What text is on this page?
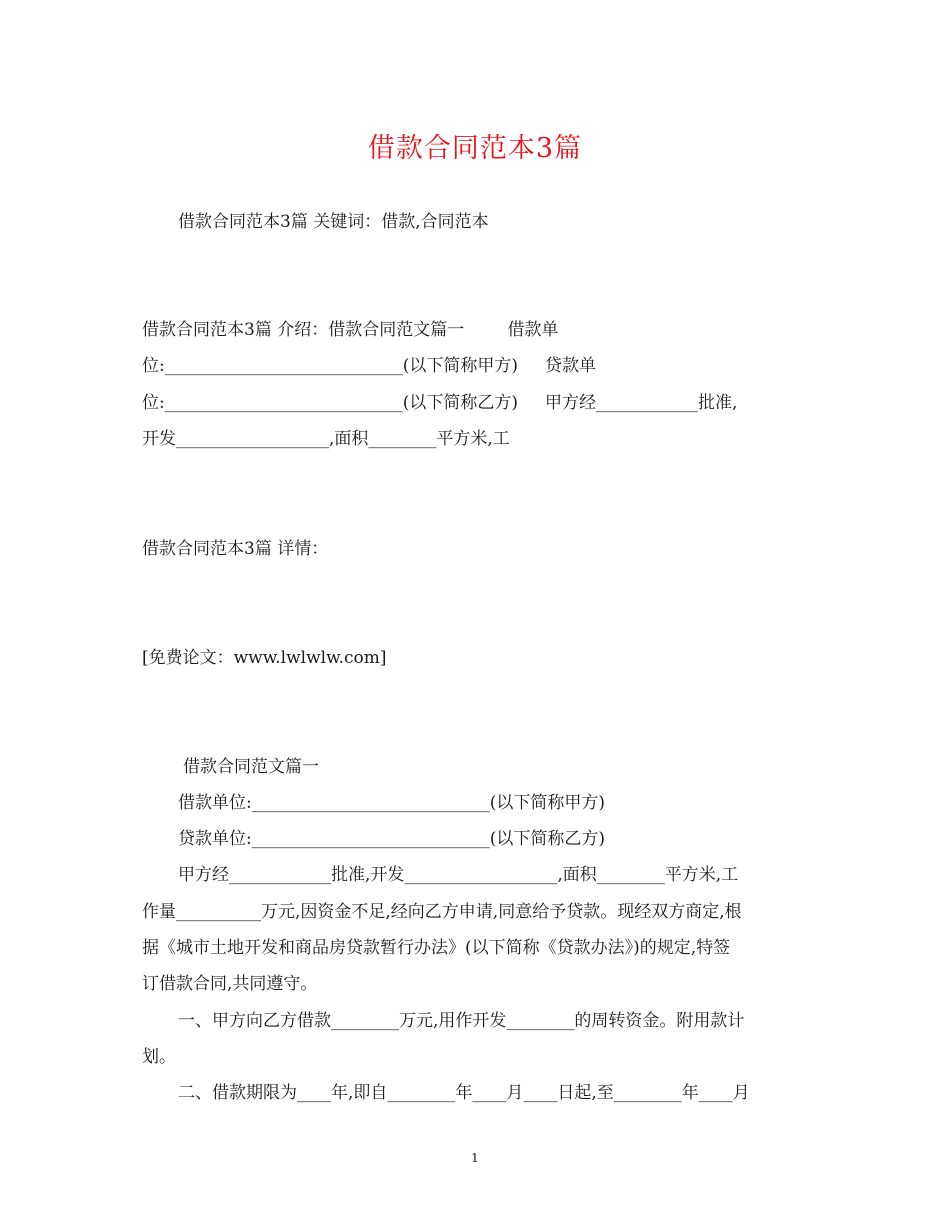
借款合同范本3篇
借款合同范本3篇 关键词：借款,合同范本
借款合同范本3篇 介绍：借款合同范文篇一        借款单
位:____________________________(以下简称甲方)     贷款单
位:____________________________(以下简称乙方)     甲方经____________批准,
开发__________________,面积________平方米,工
借款合同范本3篇 详情：
[免费论文：www.lwlwlw.com]
借款合同范文篇一
借款单位:____________________________(以下简称甲方)
贷款单位:____________________________(以下简称乙方)
甲方经____________批准,开发__________________,面积________平方米,工
作量__________万元,因资金不足,经向乙方申请,同意给予贷款。现经双方商定,根
据《城市土地开发和商品房贷款暂行办法》(以下简称《贷款办法》)的规定,特签
订借款合同,共同遵守。
一、甲方向乙方借款________万元,用作开发________的周转资金。附用款计
划。
二、借款期限为____年,即自________年____月____日起,至________年____月
1
